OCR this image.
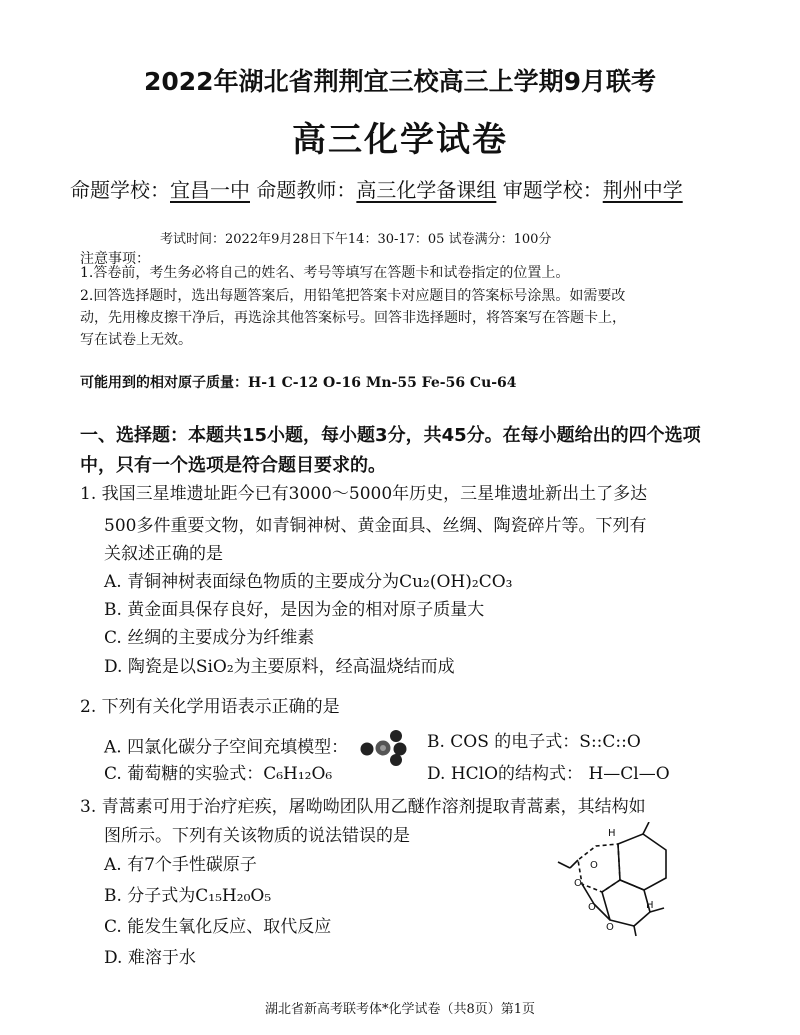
2022年湖北省荆荆宜三校高三上学期9月联考
高三化学试卷
命题学校：宜昌一中 命题教师：高三化学备课组 审题学校：荆州中学
考试时间：2022年9月28日下午14：30-17：05 试卷满分：100分
注意事项：
1.答卷前，考生务必将自己的姓名、考号等填写在答题卡和试卷指定的位置上。
2.回答选择题时，选出每题答案后，用铅笔把答案卡对应题目的答案标号涂黑。如需要改
动，先用橡皮擦干净后，再选涂其他答案标号。回答非选择题时，将答案写在答题卡上，
写在试卷上无效。
可能用到的相对原子质量：H-1 C-12 O-16 Mn-55 Fe-56 Cu-64
一、选择题：本题共15小题，每小题3分，共45分。在每小题给出的四个选项
中，只有一个选项是符合题目要求的。
1. 我国三星堆遗址距今已有3000～5000年历史，三星堆遗址新出土了多达
500多件重要文物，如青铜神树、黄金面具、丝绸、陶瓷碎片等。下列有
关叙述正确的是
A. 青铜神树表面绿色物质的主要成分为Cu₂(OH)₂CO₃
B. 黄金面具保存良好，是因为金的相对原子质量大
C. 丝绸的主要成分为纤维素
D. 陶瓷是以SiO₂为主要原料，经高温烧结而成
2. 下列有关化学用语表示正确的是
A. 四氯化碳分子空间充填模型：	B. COS 的电子式：S::C::O
C. 葡萄糖的实验式：C₆H₁₂O₆	D. HClO的结构式： H—Cl—O
3. 青蒿素可用于治疗疟疾，屠呦呦团队用乙醚作溶剂提取青蒿素，其结构如
图所示。下列有关该物质的说法错误的是
A. 有7个手性碳原子
B. 分子式为C₁₅H₂₀O₅
C. 能发生氧化反应、取代反应
D. 难溶于水
H
H
O
O
O
O
湖北省新高考联考体*化学试卷（共8页）第1页
